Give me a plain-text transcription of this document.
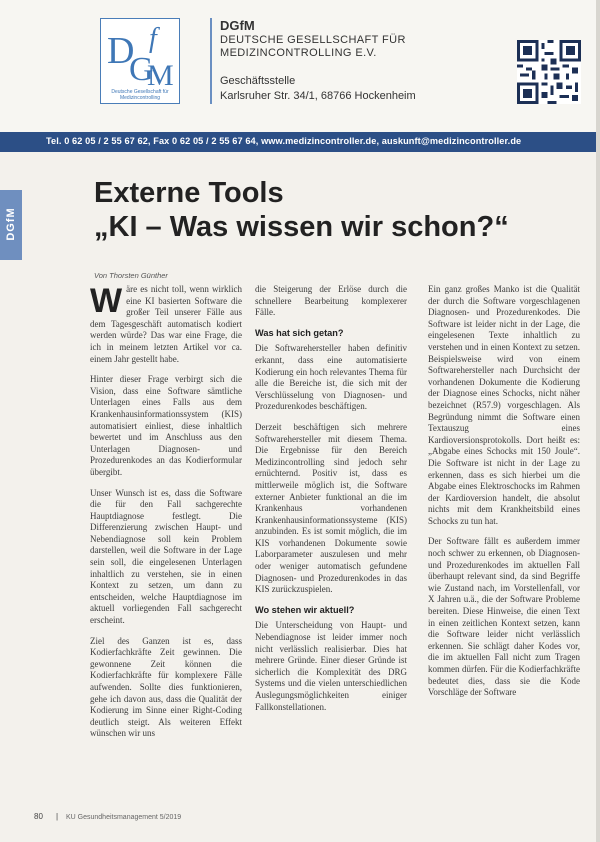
D
G
f
M
Deutsche Gesellschaft für Medizincontrolling
DGfM
DEUTSCHE GESELLSCHAFT FÜR
MEDIZINCONTROLLING E.V.
Geschäftsstelle
Karlsruher Str. 34/1, 68766 Hockenheim
Tel. 0 62 05 / 2 55 67 62, Fax 0 62 05 / 2 55 67 64, www.medizincontroller.de, auskunft@medizincontroller.de
DGfM
Externe Tools
„KI – Was wissen wir schon?“
Von Thorsten Günther

Wäre es nicht toll, wenn wirklich eine KI basierten Software die großer Teil unserer Fälle aus dem Tagesgeschäft automatisch kodiert werden würde? Das war eine Frage, die ich in meinem letzten Artikel vor ca. einem Jahr gestellt habe.

Hinter dieser Frage verbirgt sich die Vision, dass eine Software sämtliche Unterlagen eines Falls aus dem Krankenhausinformationssystem (KIS) automatisiert einliest, diese inhaltlich bewertet und im Anschluss aus den Unterlagen Diagnosen- und Prozedurenkodes an das Kodierformular übergibt.

Unser Wunsch ist es, dass die Software die für den Fall sachgerechte Hauptdiagnose festlegt. Die Differenzierung zwischen Haupt- und Nebendiagnose soll kein Problem darstellen, weil die Software in der Lage sein soll, die eingelesenen Unterlagen inhaltlich zu verstehen, sie in einen Kontext zu setzen, um dann zu entscheiden, welche Hauptdiagnose im aktuell vorliegenden Fall sachgerecht erscheint.

Ziel des Ganzen ist es, dass Kodierfachkräfte Zeit gewinnen. Die gewonnene Zeit können die Kodierfachkräfte für komplexere Fälle aufwenden. Sollte dies funktionieren, gehe ich davon aus, dass die Qualität der Kodierung im Sinne einer Right-Coding deutlich steigt. Als weiteren Effekt wünschen wir uns

die Steigerung der Erlöse durch die schnellere Bearbeitung komplexerer Fälle.

Was hat sich getan?

Die Softwarehersteller haben definitiv erkannt, dass eine automatisierte Kodierung ein hoch relevantes Thema für alle die Bereiche ist, die sich mit der Verschlüsselung von Diagnosen- und Prozedurenkodes beschäftigen.

Derzeit beschäftigen sich mehrere Softwarehersteller mit diesem Thema. Die Ergebnisse für den Bereich Medizincontrolling sind jedoch sehr ernüchternd. Positiv ist, dass es mittlerweile möglich ist, die Software externer Anbieter funktional an die im Krankenhaus vorhandenen Krankenhausinformationssysteme (KIS) anzubinden. Es ist somit möglich, die im KIS vorhandenen Dokumente sowie Laborparameter auszulesen und mehr oder weniger automatisch gefundene Diagnosen- und Prozedurenkodes in das KIS zurückzuspielen.

Wo stehen wir aktuell?

Die Unterscheidung von Haupt- und Nebendiagnose ist leider immer noch nicht verlässlich realisierbar. Dies hat mehrere Gründe. Einer dieser Gründe ist sicherlich die Komplexität des DRG Systems und die vielen unterschiedlichen Auslegungsmöglichkeiten einiger Fallkonstellationen.

Ein ganz großes Manko ist die Qualität der durch die Software vorgeschlagenen Diagnosen- und Prozedurenkodes. Die Software ist leider nicht in der Lage, die eingelesenen Texte inhaltlich zu verstehen und in einen Kontext zu setzen. Beispielsweise wird von einem Softwarehersteller nach Durchsicht der vorhandenen Dokumente die Kodierung der Diagnose eines Schocks, nicht näher bezeichnet (R57.9) vorgeschlagen. Als Begründung nimmt die Software einen Textauszug eines Kardioversionsprotokolls. Dort heißt es: „Abgabe eines Schocks mit 150 Joule“. Die Software ist nicht in der Lage zu erkennen, dass es sich hierbei um die Abgabe eines Elektroschocks im Rahmen der Kardioversion handelt, die absolut nichts mit dem Krankheitsbild eines Schocks zu tun hat.

Der Software fällt es außerdem immer noch schwer zu erkennen, ob Diagnosen- und Prozedurenkodes im aktuellen Fall überhaupt relevant sind, da sind Begriffe wie Zustand nach, im Vorstellenfall, vor X Jahren u.ä., die der Software Probleme bereiten. Diese Hinweise, die einen Text in einen zeitlichen Kontext setzen, kann die Software leider nicht verlässlich erkennen. Sie schlägt daher Kodes vor, die im aktuellen Fall nicht zum Tragen kommen dürfen. Für die Kodierfachkräfte bedeutet dies, dass sie die Kode Vorschläge der Software

80 | KU Gesundheitsmanagement 5/2019
